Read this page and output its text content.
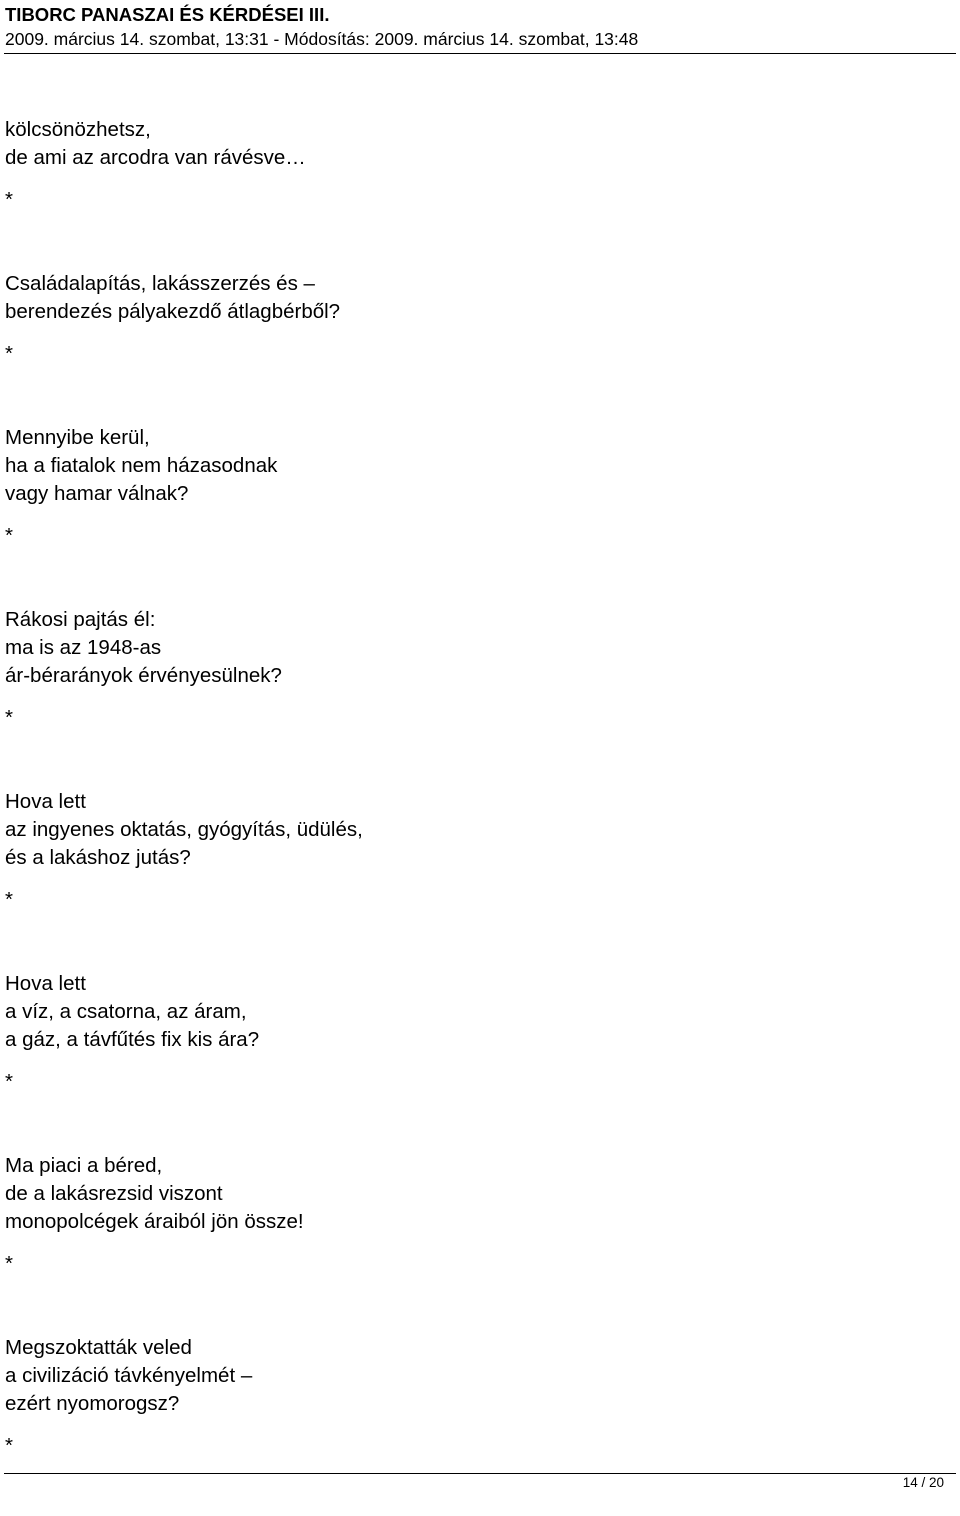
TIBORC PANASZAI ÉS KÉRDÉSEI III.
2009. március 14. szombat, 13:31 - Módosítás: 2009. március 14. szombat, 13:48
kölcsönözhetsz,
de ami az arcodra van rávésve…
*
Családalapítás, lakásszerzés és –
berendezés pályakezdő átlagbérből?
*
Mennyibe kerül,
ha a fiatalok nem házasodnak
vagy hamar válnak?
*
Rákosi pajtás él:
ma is az 1948-as
ár-bérarányok érvényesülnek?
*
Hova lett
az ingyenes oktatás, gyógyítás, üdülés,
és a lakáshoz jutás?
*
Hova lett
a víz, a csatorna, az áram,
a gáz, a távfűtés fix kis ára?
*
Ma piaci a béred,
de a lakásrezsid viszont
monopolcégek áraiból jön össze!
*
Megszoktatták veled
a civilizáció távkényelmét –
ezért nyomorogsz?
*
14 / 20
